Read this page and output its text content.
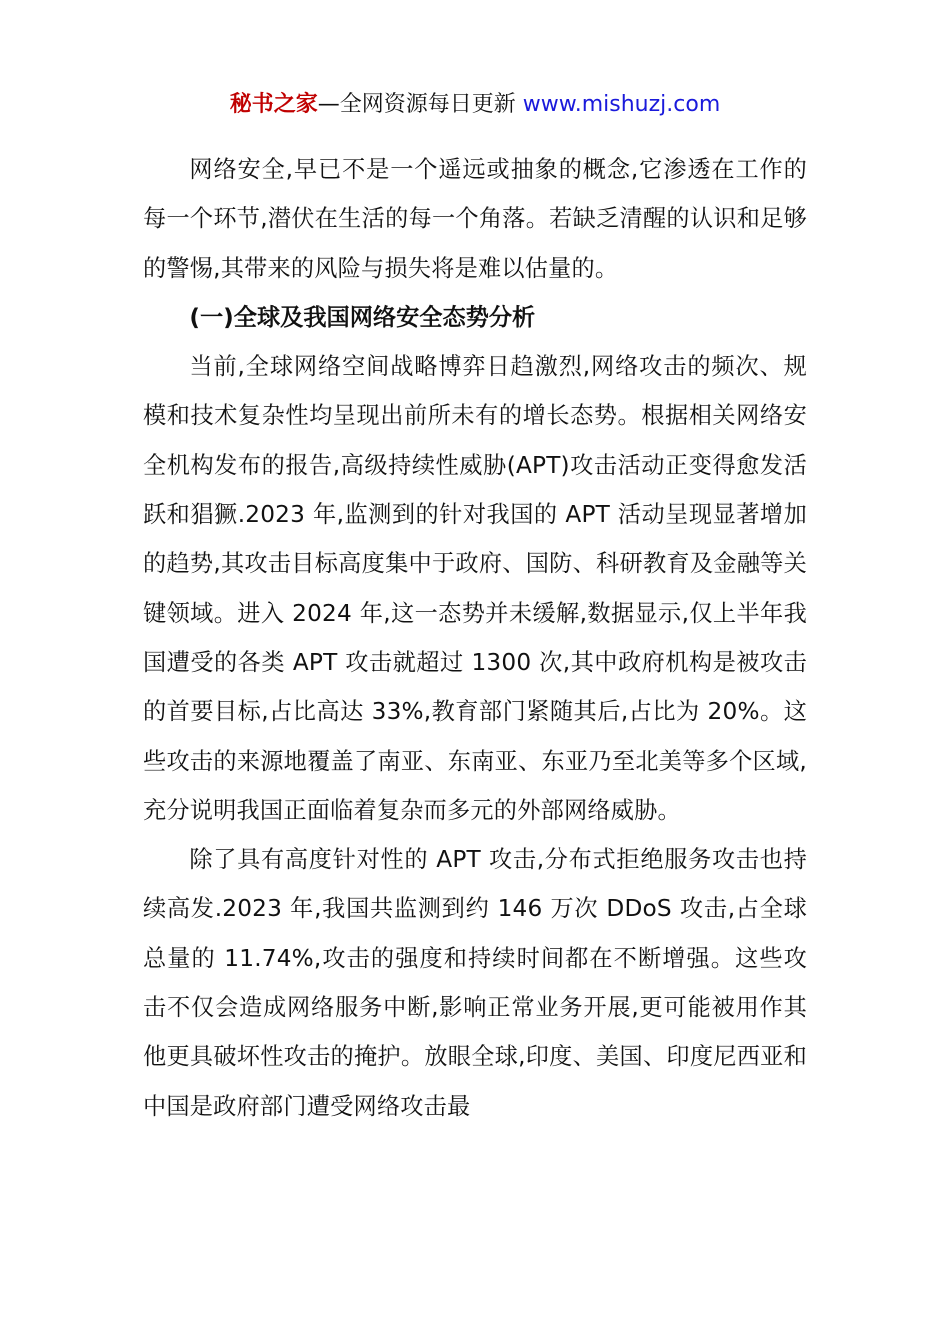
秘书之家—全网资源每日更新 www.mishuzj.com

网络安全,早已不是一个遥远或抽象的概念,它渗透在工作的每一个环节,潜伏在生活的每一个角落。若缺乏清醒的认识和足够的警惕,其带来的风险与损失将是难以估量的。

(一)全球及我国网络安全态势分析

当前,全球网络空间战略博弈日趋激烈,网络攻击的频次、规模和技术复杂性均呈现出前所未有的增长态势。根据相关网络安全机构发布的报告,高级持续性威胁(APT)攻击活动正变得愈发活跃和猖獗.2023 年,监测到的针对我国的 APT 活动呈现显著增加的趋势,其攻击目标高度集中于政府、国防、科研教育及金融等关键领域。进入 2024 年,这一态势并未缓解,数据显示,仅上半年我国遭受的各类 APT 攻击就超过 1300 次,其中政府机构是被攻击的首要目标,占比高达 33%,教育部门紧随其后,占比为 20%。这些攻击的来源地覆盖了南亚、东南亚、东亚乃至北美等多个区域,充分说明我国正面临着复杂而多元的外部网络威胁。

除了具有高度针对性的 APT 攻击,分布式拒绝服务攻击也持续高发.2023 年,我国共监测到约 146 万次 DDoS 攻击,占全球总量的 11.74%,攻击的强度和持续时间都在不断增强。这些攻击不仅会造成网络服务中断,影响正常业务开展,更可能被用作其他更具破坏性攻击的掩护。放眼全球,印度、美国、印度尼西亚和中国是政府部门遭受网络攻击最
